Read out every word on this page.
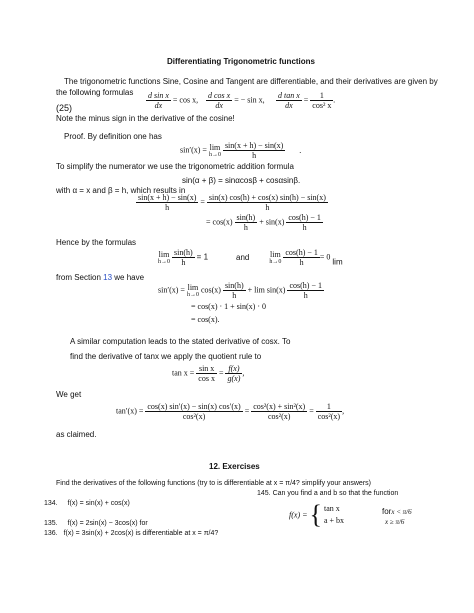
Differentiating Trigonometric functions
The trigonometric functions Sine, Cosine and Tangent are differentiable, and their derivatives are given by
the following formulas
(25)	$\frac{\text{d sin x}}{dx} = \cos x$, $\frac{\text{d cos x}}{dx}$ = − sin x, $\frac{\text{d tan x}}{dx} = \frac{1}{\text{cos² x}}$ .
Note the minus sign in the derivative of the cosine!
Proof. By definition one has
sin′(x) = lim
h→0
$\frac{\sin(x + h) - \sin(x)}{h}$ .
To simplify the numerator we use the trigonometric addition formula
sin(α + β) = sinαcosβ + cosαsinβ.
with α = x and β = h, which results in
$\frac{\sin(x + h) - \sin(x)}{h} = \frac{\sin(x) \cos(h) + \cos(x) \sin(h) - \sin(x)}{h}$
= $\cos(x) \frac{\sin(h)}{h} + \sin(x) \frac{\cos(h) - 1}{h}$
Hence by the formulas
lim
h→0
$\frac{\sin(h)}{h} = 1$	and	lim
h→0
$\frac{\cos(h) - 1}{h} = 0$ lim
from Section 13 we have
sin′(x) = lim
h→0
$\cos(x) \frac{\sin(h)}{h} + \lim \sin(x) \frac{\cos(h) - 1}{h}$
= cos(x) · 1 + sin(x) · 0
= cos(x).
A similar computation leads to the stated derivative of cosx. To
find the derivative of tanx we apply the quotient rule to
$\tan x = \frac{\text{sin x}}{\text{cos x}} = \frac{f(x)}{g(x)}$ ,
We get
$\tan'(x) = \frac{\cos(x) \sin'(x) - \sin(x) \cos'(x)}{\text{cos²(x)}} = \frac{\text{cos²(x) + sin²(x)}}{\text{cos²(x)}} = \frac{1}{\text{cos²(x)}}$ ,
as claimed.
12. Exercises
Find the derivatives of the following functions (try to is differentiable at x = π/4? simplify your answers)
145. Can you find a and b so that the function
f(x) = { tan x
a + bx
forx < π/6
x ≥ π/6
134. f(x) = sin(x) + cos(x)
135. f(x) = 2sin(x) − 3cos(x) for
136. f(x) = 3sin(x) + 2cos(x) is differentiable at x = π/4?
